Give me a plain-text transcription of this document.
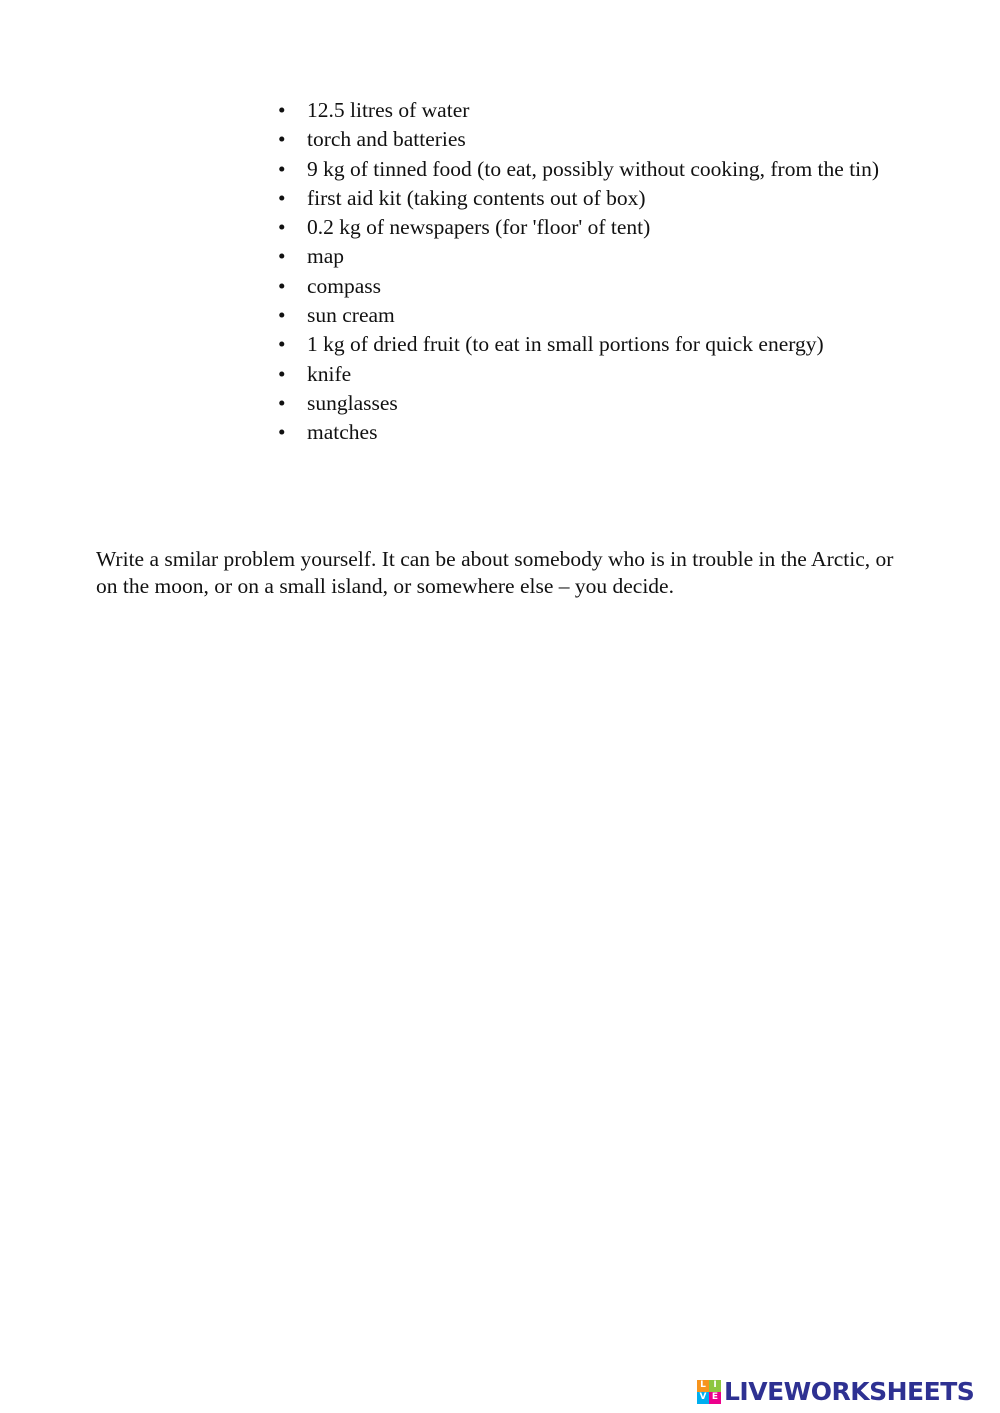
• 12.5 litres of water
• torch and batteries
• 9 kg of tinned food (to eat, possibly without cooking, from the tin)
• first aid kit (taking contents out of box)
• 0.2 kg of newspapers (for 'floor' of tent)
• map
• compass
• sun cream
• 1 kg of dried fruit (to eat in small portions for quick energy)
• knife
• sunglasses
• matches

Write a smilar problem yourself. It can be about somebody who is in trouble in the Arctic, or on the moon, or on a small island, or somewhere else – you decide.

L I
V E LIVEWORKSHEETS
